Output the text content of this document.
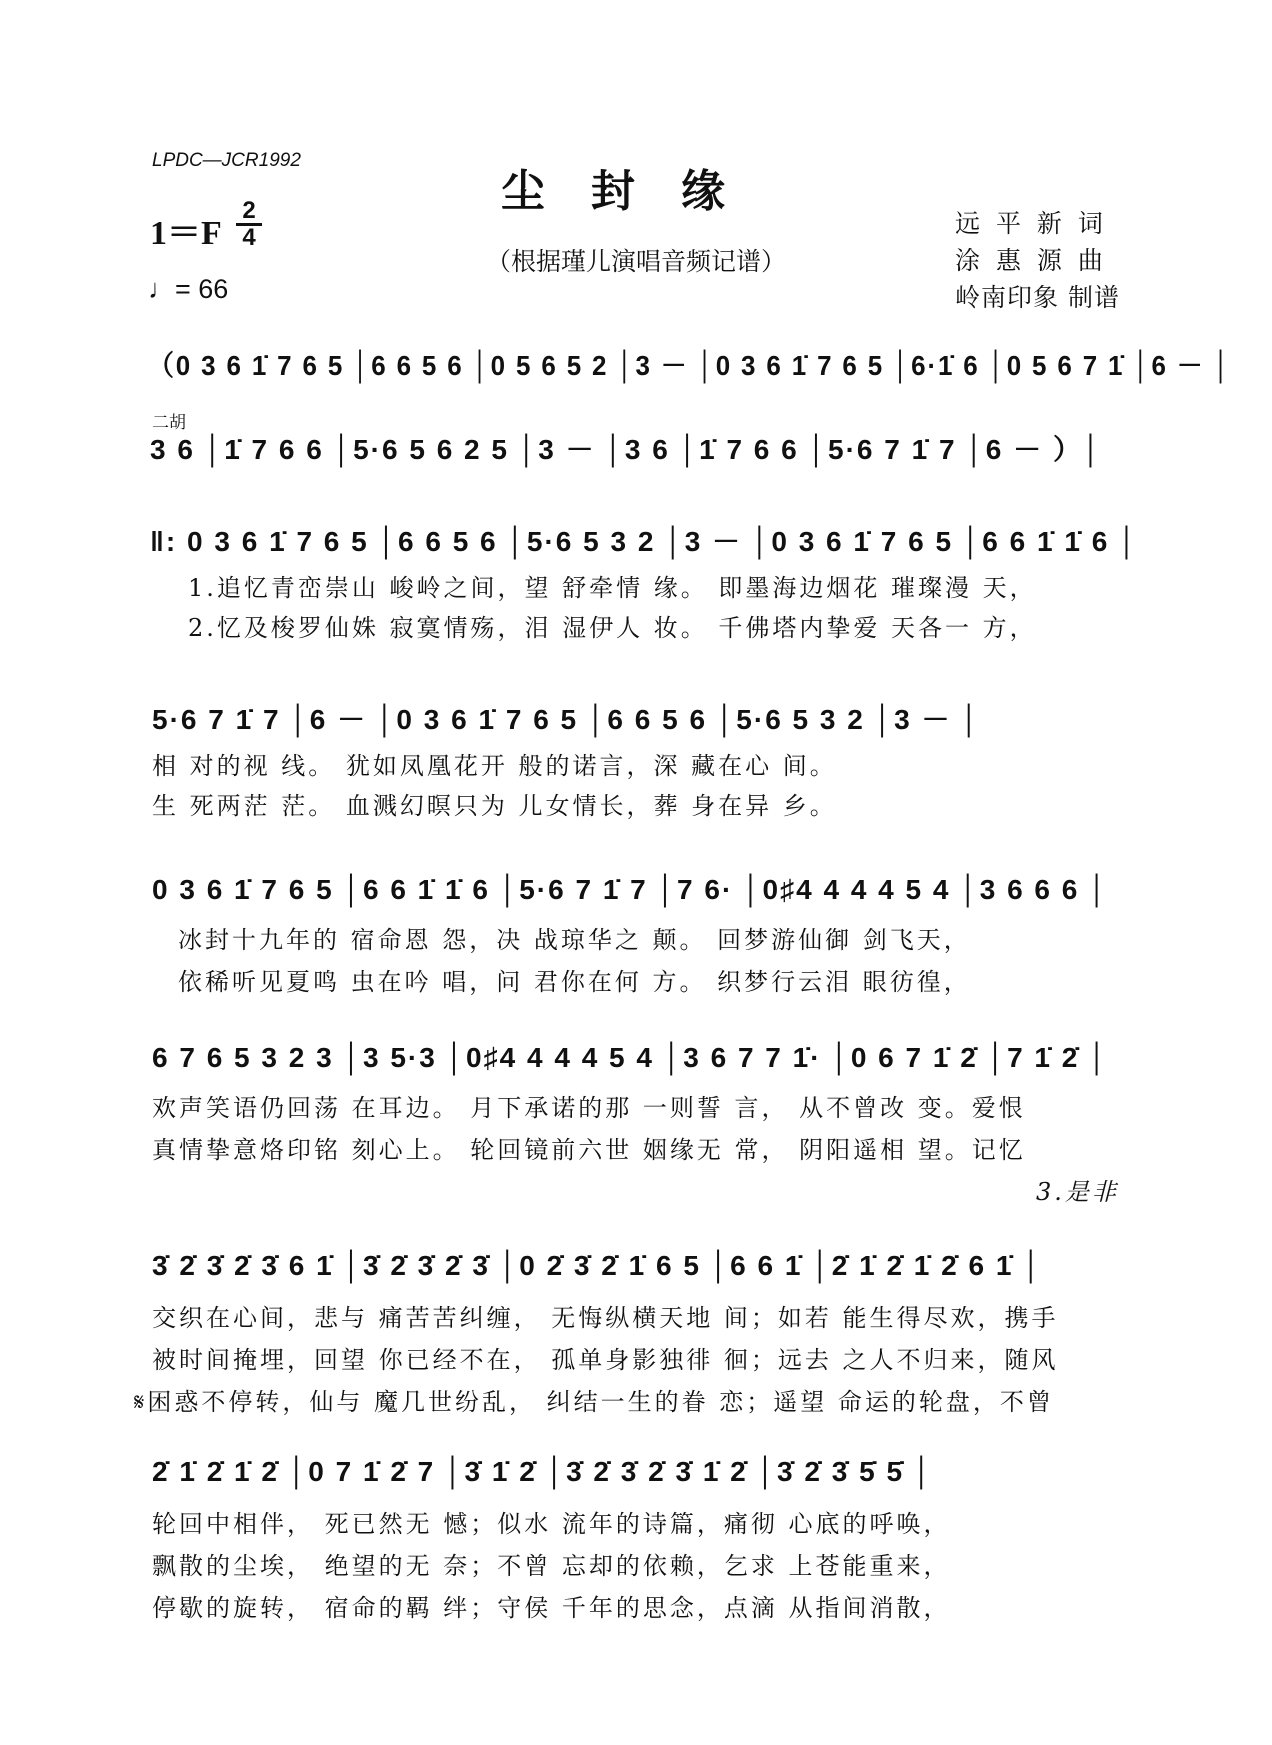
LPDC—JCR1992
尘封缘
1＝F
2
4
♩= 66
（根据瑾儿演唱音频记谱）
远 平 新 词
涂 惠 源 曲
岭南印象 制谱
（0 3 6 1̇ 7 6 5 │6 6 5 6 │0 5 6 5 2 │3 － │0 3 6 1̇ 7 6 5 │6·1̇ 6 │0 5 6 7 1̇ │6 － │
二胡
3 6 │1̇ 7 6 6 │5·6 5 6 2 5 │3 － │3 6 │1̇ 7 6 6 │5·6 7 1̇ 7 │6 － ）│
‖: 0 3 6 1̇ 7 6 5 │6 6 5 6 │5·6 5 3 2 │3 － │0 3 6 1̇ 7 6 5 │6 6 1̇ 1̇ 6 │
1.追忆青峦崇山 峻岭之间，望 舒牵情 缘。 即墨海边烟花 璀璨漫 天，
2.忆及梭罗仙姝 寂寞情殇，泪 湿伊人 妆。 千佛塔内挚爱 天各一 方，
5·6 7 1̇ 7 │6 － │0 3 6 1̇ 7 6 5 │6 6 5 6 │5·6 5 3 2 │3 － │
相 对的视 线。 犹如凤凰花开 般的诺言，深 藏在心 间。
生 死两茫 茫。 血溅幻暝只为 儿女情长，葬 身在异 乡。
0 3 6 1̇ 7 6 5 │6 6 1̇ 1̇ 6 │5·6 7 1̇ 7 │7 6· │0♯4 4 4 4 5 4 │3 6 6 6 │
冰封十九年的 宿命恩 怨，决 战琼华之 颠。 回梦游仙御 剑飞天，
依稀听见夏鸣 虫在吟 唱，问 君你在何 方。 织梦行云泪 眼彷徨，
6 7 6 5 3 2 3 │3 5·3 │0♯4 4 4 4 5 4 │3 6 7 7 1̇· │0 6 7 1̇ 2̇ │7 1̇ 2̇ │
欢声笑语仍回荡 在耳边。 月下承诺的那 一则誓 言， 从不曾改 变。爱恨
真情挚意烙印铭 刻心上。 轮回镜前六世 姻缘无 常， 阴阳遥相 望。记忆
3.是非
3̇ 2̇ 3̇ 2̇ 3̇ 6 1̇ │3̇ 2̇ 3̇ 2̇ 3̇ │0 2̇ 3̇ 2̇ 1̇ 6 5 │6 6 1̇ │2̇ 1̇ 2̇ 1̇ 2̇ 6 1̇ │
交织在心间，悲与 痛苦苦纠缠， 无悔纵横天地 间；如若 能生得尽欢，携手
被时间掩埋，回望 你已经不在， 孤单身影独徘 徊；远去 之人不归来，随风
𝄋困惑不停转，仙与 魔几世纷乱， 纠结一生的眷 恋；遥望 命运的轮盘，不曾
2̇ 1̇ 2̇ 1̇ 2̇ │0 7 1̇ 2̇ 7 │3̇ 1̇ 2̇ │3̇ 2̇ 3̇ 2̇ 3̇ 1̇ 2̇ │3̇ 2̇ 3̇ 5̇ 5̇ │
轮回中相伴， 死已然无 憾；似水 流年的诗篇，痛彻 心底的呼唤，
飘散的尘埃， 绝望的无 奈；不曾 忘却的依赖，乞求 上苍能重来，
停歇的旋转， 宿命的羁 绊；守侯 千年的思念，点滴 从指间消散，
